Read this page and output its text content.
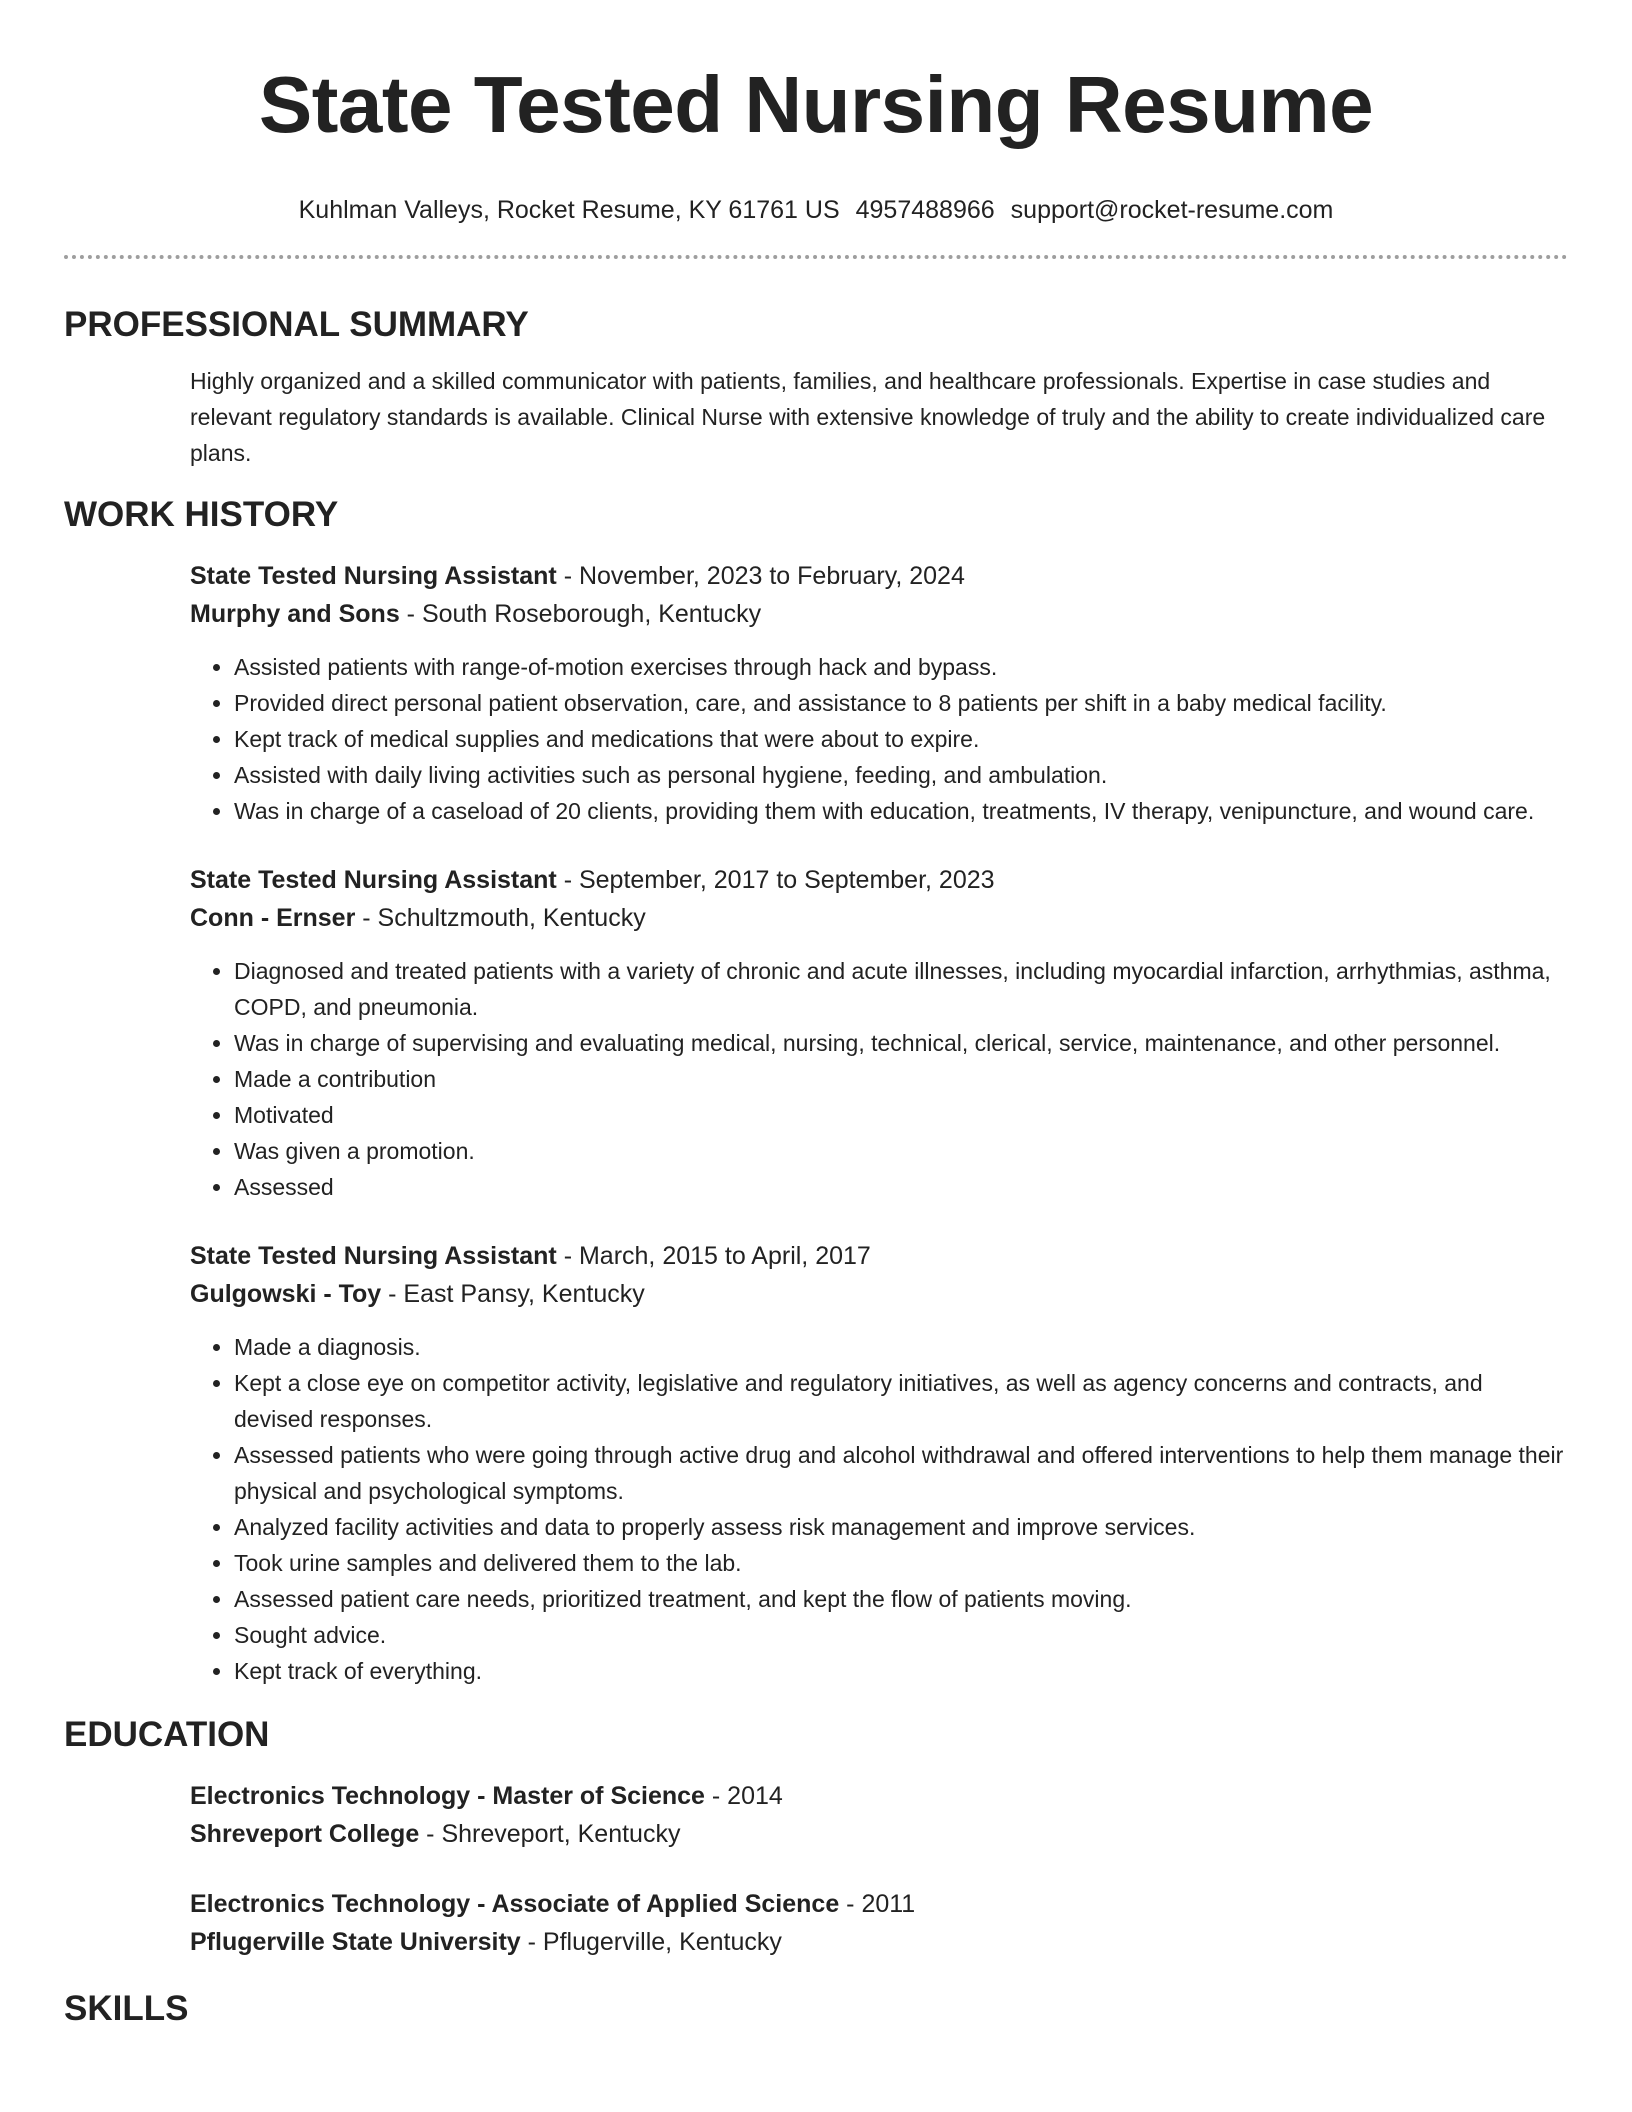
State Tested Nursing Resume
Kuhlman Valleys, Rocket Resume, KY 61761 US 4957488966 support@rocket-resume.com
PROFESSIONAL SUMMARY

Highly organized and a skilled communicator with patients, families, and healthcare professionals. Expertise in case studies and relevant regulatory standards is available. Clinical Nurse with extensive knowledge of truly and the ability to create individualized care plans.

WORK HISTORY

State Tested Nursing Assistant - November, 2023 to February, 2024

Murphy and Sons - South Roseborough, Kentucky

• Assisted patients with range-of-motion exercises through hack and bypass.
• Provided direct personal patient observation, care, and assistance to 8 patients per shift in a baby medical facility.
• Kept track of medical supplies and medications that were about to expire.
• Assisted with daily living activities such as personal hygiene, feeding, and ambulation.
• Was in charge of a caseload of 20 clients, providing them with education, treatments, IV therapy, venipuncture, and wound care.

State Tested Nursing Assistant - September, 2017 to September, 2023

Conn - Ernser - Schultzmouth, Kentucky

• Diagnosed and treated patients with a variety of chronic and acute illnesses, including myocardial infarction, arrhythmias, asthma, COPD, and pneumonia.
• Was in charge of supervising and evaluating medical, nursing, technical, clerical, service, maintenance, and other personnel.
• Made a contribution
• Motivated
• Was given a promotion.
• Assessed

State Tested Nursing Assistant - March, 2015 to April, 2017

Gulgowski - Toy - East Pansy, Kentucky

• Made a diagnosis.
• Kept a close eye on competitor activity, legislative and regulatory initiatives, as well as agency concerns and contracts, and devised responses.
• Assessed patients who were going through active drug and alcohol withdrawal and offered interventions to help them manage their physical and psychological symptoms.
• Analyzed facility activities and data to properly assess risk management and improve services.
• Took urine samples and delivered them to the lab.
• Assessed patient care needs, prioritized treatment, and kept the flow of patients moving.
• Sought advice.
• Kept track of everything.
EDUCATION

Electronics Technology - Master of Science - 2014

Shreveport College - Shreveport, Kentucky

Electronics Technology - Associate of Applied Science - 2011

Pflugerville State University - Pflugerville, Kentucky

SKILLS
